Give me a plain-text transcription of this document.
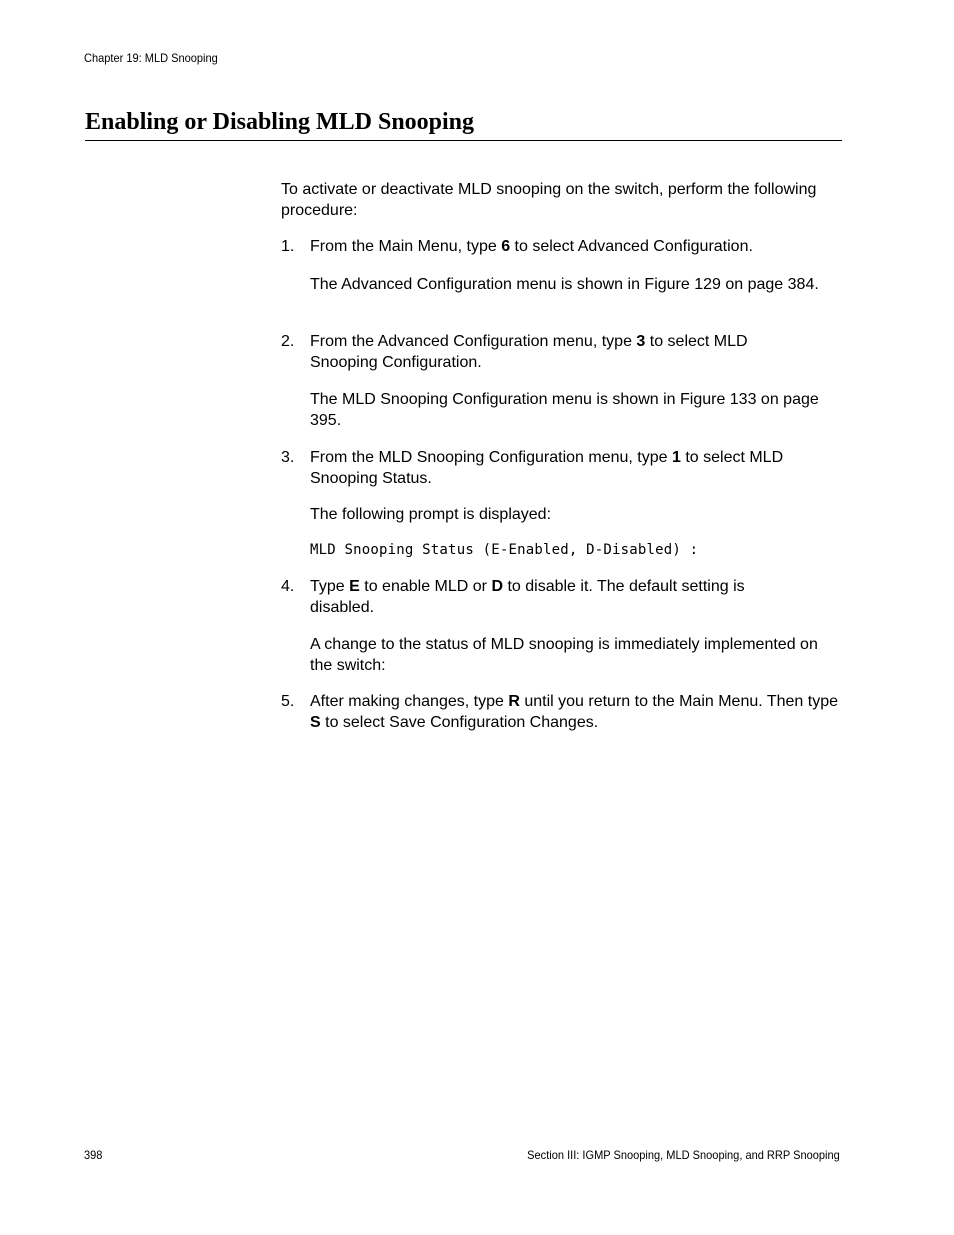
Chapter 19: MLD Snooping
Enabling or Disabling MLD Snooping

To activate or deactivate MLD snooping on the switch, perform the following procedure:

1. From the Main Menu, type 6 to select Advanced Configuration.

The Advanced Configuration menu is shown in Figure 129 on page 384.

2. From the Advanced Configuration menu, type 3 to select MLD Snooping Configuration.

The MLD Snooping Configuration menu is shown in Figure 133 on page 395.

3. From the MLD Snooping Configuration menu, type 1 to select MLD Snooping Status.

The following prompt is displayed:

MLD Snooping Status (E-Enabled, D-Disabled) :
4. Type E to enable MLD or D to disable it. The default setting is disabled.

A change to the status of MLD snooping is immediately implemented on the switch:

5. After making changes, type R until you return to the Main Menu. Then type S to select Save Configuration Changes.

398	Section III: IGMP Snooping, MLD Snooping, and RRP Snooping
